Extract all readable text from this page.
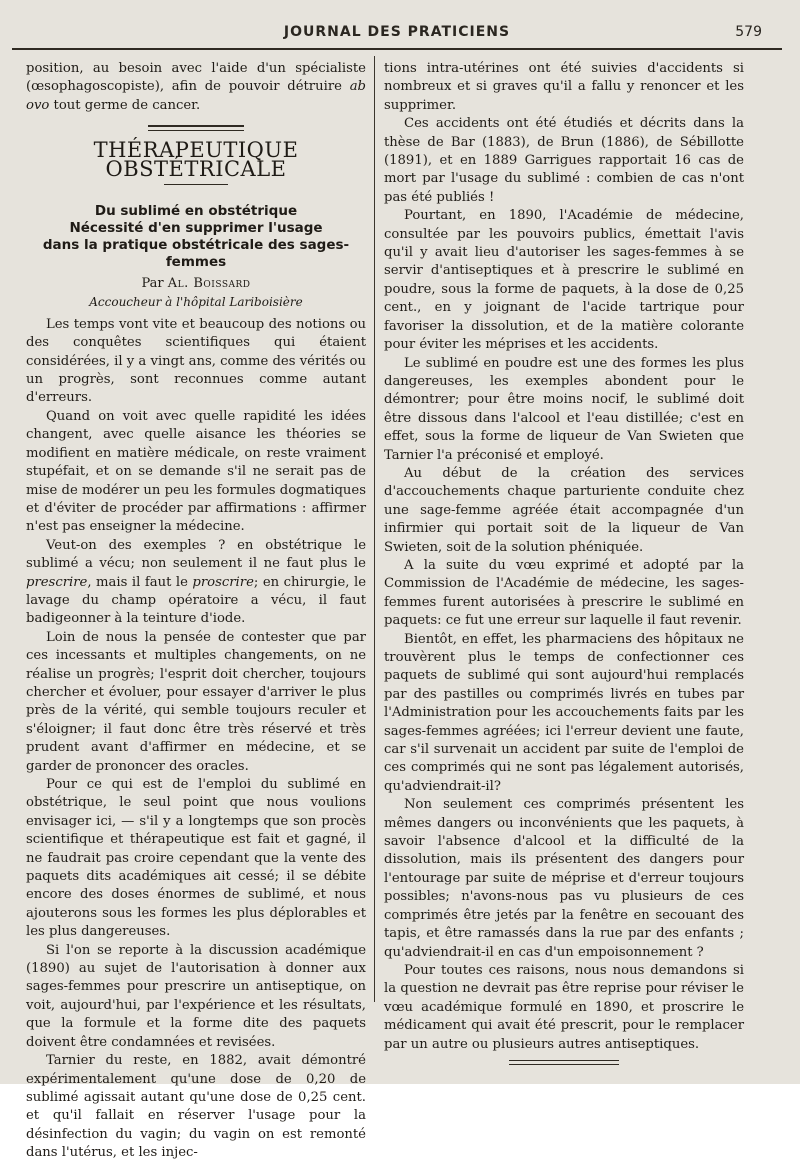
JOURNAL DES PRATICIENS	579

position, au besoin avec l'aide d'un spécialiste (œsophagoscopiste), afin de pouvoir détruire ab ovo tout germe de cancer.

THÉRAPEUTIQUE OBSTÉTRICALE
Du sublimé en obstétrique
Nécessité d'en supprimer l'usage
dans la pratique obstétricale des sages-femmes
Par Al. Boissard
Accoucheur à l'hôpital Lariboisière

Les temps vont vite et beaucoup des notions ou des conquêtes scientifiques qui étaient considérées, il y a vingt ans, comme des vérités ou un progrès, sont reconnues comme autant d'erreurs.

Quand on voit avec quelle rapidité les idées changent, avec quelle aisance les théories se modifient en matière médicale, on reste vraiment stupéfait, et on se demande s'il ne serait pas de mise de modérer un peu les formules dogmatiques et d'éviter de procéder par affirmations : affirmer n'est pas enseigner la médecine.

Veut-on des exemples ? en obstétrique le sublimé a vécu; non seulement il ne faut plus le prescrire, mais il faut le proscrire; en chirurgie, le lavage du champ opératoire a vécu, il faut badigeonner à la teinture d'iode.

Loin de nous la pensée de contester que par ces incessants et multiples changements, on ne réalise un progrès; l'esprit doit chercher, toujours chercher et évoluer, pour essayer d'arriver le plus près de la vérité, qui semble toujours reculer et s'éloigner; il faut donc être très réservé et très prudent avant d'affirmer en médecine, et se garder de prononcer des oracles.

Pour ce qui est de l'emploi du sublimé en obstétrique, le seul point que nous voulions envisager ici, — s'il y a longtemps que son procès scientifique et thérapeutique est fait et gagné, il ne faudrait pas croire cependant que la vente des paquets dits académiques ait cessé; il se débite encore des doses énormes de sublimé, et nous ajouterons sous les formes les plus déplorables et les plus dangereuses.

Si l'on se reporte à la discussion académique (1890) au sujet de l'autorisation à donner aux sages-femmes pour prescrire un antiseptique, on voit, aujourd'hui, par l'expérience et les résultats, que la formule et la forme dite des paquets doivent être condamnées et revisées.

Tarnier du reste, en 1882, avait démontré expérimentalement qu'une dose de 0,20 de sublimé agissait autant qu'une dose de 0,25 cent. et qu'il fallait en réserver l'usage pour la désinfection du vagin; du vagin on est remonté dans l'utérus, et les injec-

tions intra-utérines ont été suivies d'accidents si nombreux et si graves qu'il a fallu y renoncer et les supprimer.

Ces accidents ont été étudiés et décrits dans la thèse de Bar (1883), de Brun (1886), de Sébillotte (1891), et en 1889 Garrigues rapportait 16 cas de mort par l'usage du sublimé : combien de cas n'ont pas été publiés !

Pourtant, en 1890, l'Académie de médecine, consultée par les pouvoirs publics, émettait l'avis qu'il y avait lieu d'autoriser les sages-femmes à se servir d'antiseptiques et à prescrire le sublimé en poudre, sous la forme de paquets, à la dose de 0,25 cent., en y joignant de l'acide tartrique pour favoriser la dissolution, et de la matière colorante pour éviter les méprises et les accidents.

Le sublimé en poudre est une des formes les plus dangereuses, les exemples abondent pour le démontrer; pour être moins nocif, le sublimé doit être dissous dans l'alcool et l'eau distillée; c'est en effet, sous la forme de liqueur de Van Swieten que Tarnier l'a préconisé et employé.

Au début de la création des services d'accouchements chaque parturiente conduite chez une sage-femme agréée était accompagnée d'un infirmier qui portait soit de la liqueur de Van Swieten, soit de la solution phéniquée.

A la suite du vœu exprimé et adopté par la Commission de l'Académie de médecine, les sages-femmes furent autorisées à prescrire le sublimé en paquets: ce fut une erreur sur laquelle il faut revenir.

Bientôt, en effet, les pharmaciens des hôpitaux ne trouvèrent plus le temps de confectionner ces paquets de sublimé qui sont aujourd'hui remplacés par des pastilles ou comprimés livrés en tubes par l'Administration pour les accouchements faits par les sages-femmes agréées; ici l'erreur devient une faute, car s'il survenait un accident par suite de l'emploi de ces comprimés qui ne sont pas légalement autorisés, qu'adviendrait-il?

Non seulement ces comprimés présentent les mêmes dangers ou inconvénients que les paquets, à savoir l'absence d'alcool et la difficulté de la dissolution, mais ils présentent des dangers pour l'entourage par suite de méprise et d'erreur toujours possibles; n'avons-nous pas vu plusieurs de ces comprimés être jetés par la fenêtre en secouant des tapis, et être ramassés dans la rue par des enfants ; qu'adviendrait-il en cas d'un empoisonnement ?

Pour toutes ces raisons, nous nous demandons si la question ne devrait pas être reprise pour réviser le vœu académique formulé en 1890, et proscrire le médicament qui avait été prescrit, pour le remplacer par un autre ou plusieurs autres antiseptiques.
